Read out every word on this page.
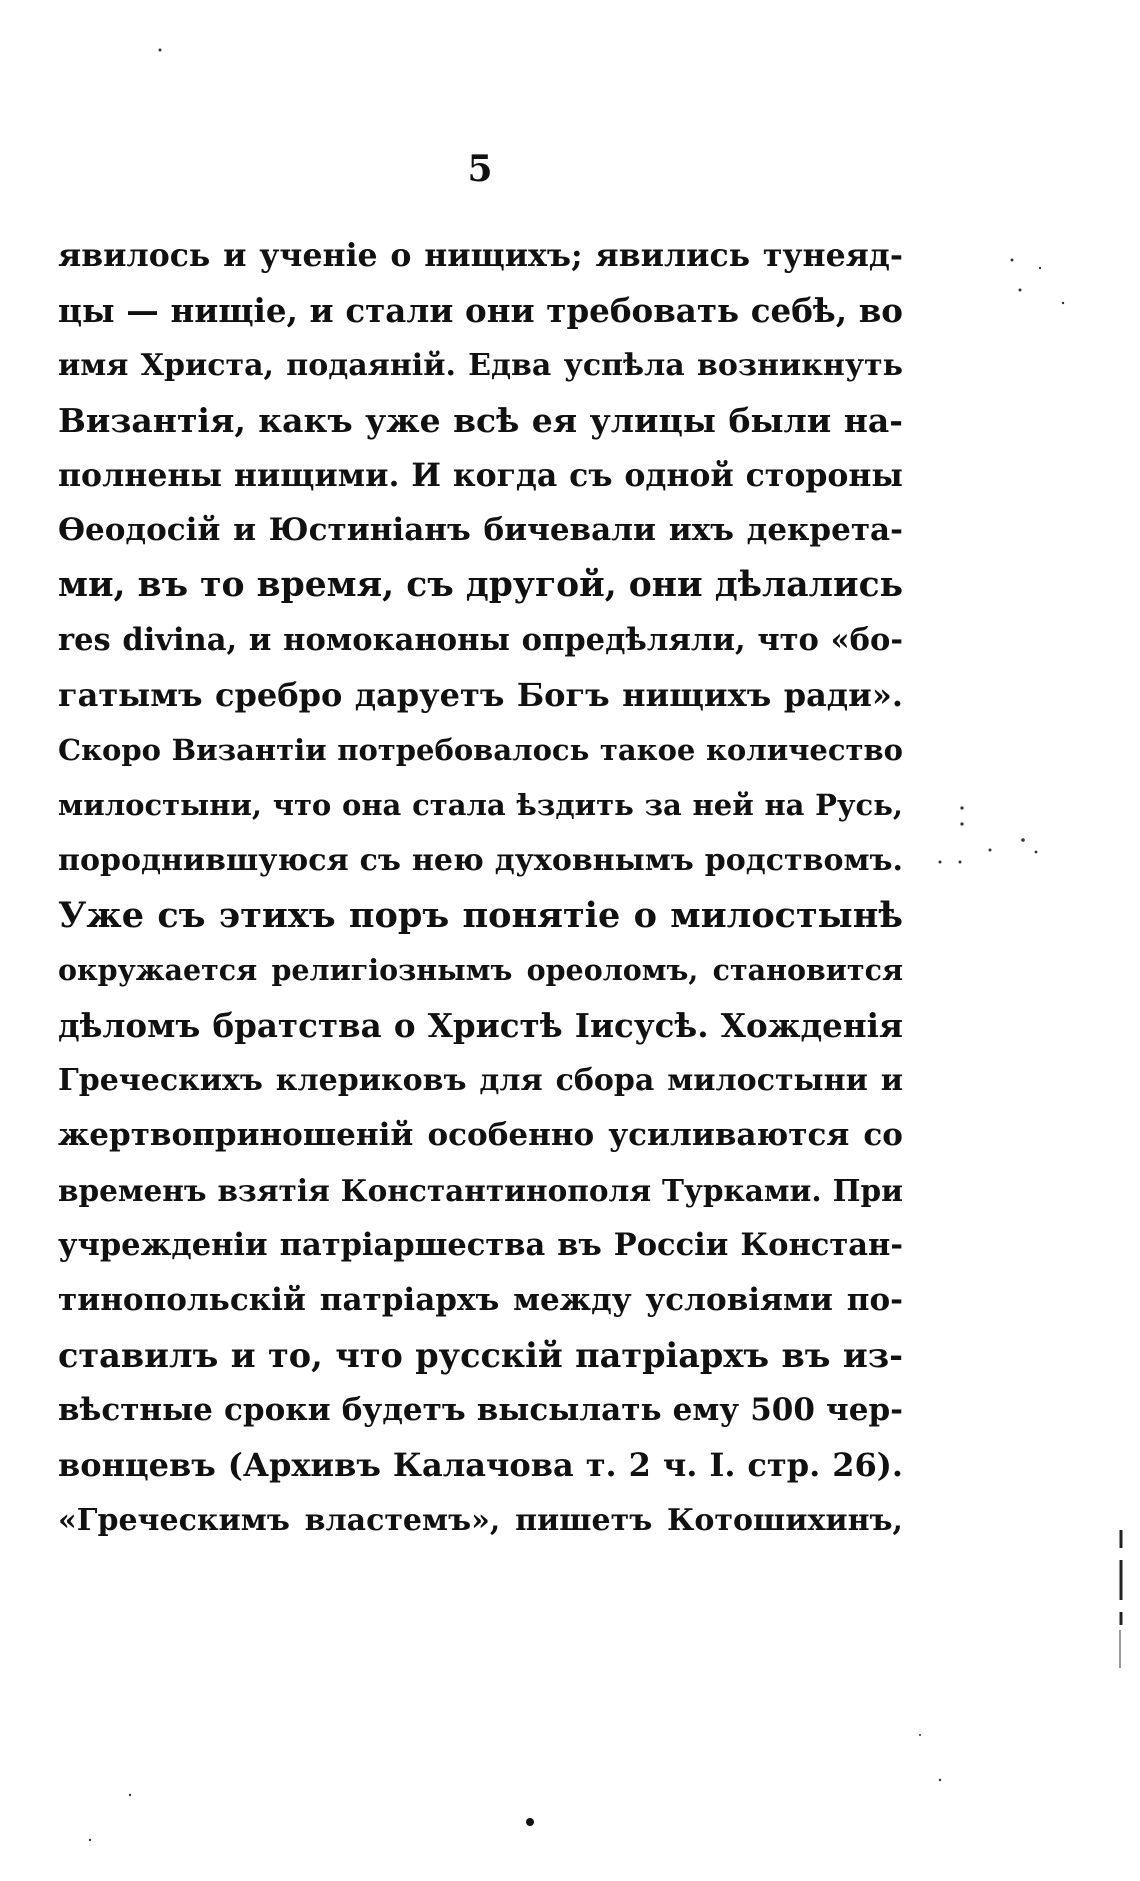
5
явилось и ученіе о нищихъ; явились тунеяд-
цы — нищіе, и стали они требовать себѣ, во
имя Христа, подаяній. Едва успѣла возникнуть
Византія, какъ уже всѣ ея улицы были на-
полнены нищими. И когда съ одной стороны
Ѳеодосій и Юстиніанъ бичевали ихъ декрета-
ми, въ то время, съ другой, они дѣлались
res divina, и номоканоны опредѣляли, что «бо-
гатымъ сребро даруетъ Богъ нищихъ ради».
Скоро Византіи потребовалось такое количество
милостыни, что она стала ѣздить за ней на Русь,
породнившуюся съ нею духовнымъ родствомъ.
Уже съ этихъ поръ понятіе о милостынѣ
окружается религіознымъ ореоломъ, становится
дѣломъ братства о Христѣ Іисусѣ. Хожденія
Греческихъ клериковъ для сбора милостыни и
жертвоприношеній особенно усиливаются со
временъ взятія Константинополя Турками. При
учрежденіи патріаршества въ Россіи Констан-
тинопольскій патріархъ между условіями по-
ставилъ и то, что русскій патріархъ въ из-
вѣстные сроки будетъ высылать ему 500 чер-
вонцевъ (Архивъ Калачова т. 2 ч. I. стр. 26).
«Греческимъ властемъ», пишетъ Котошихинъ,
